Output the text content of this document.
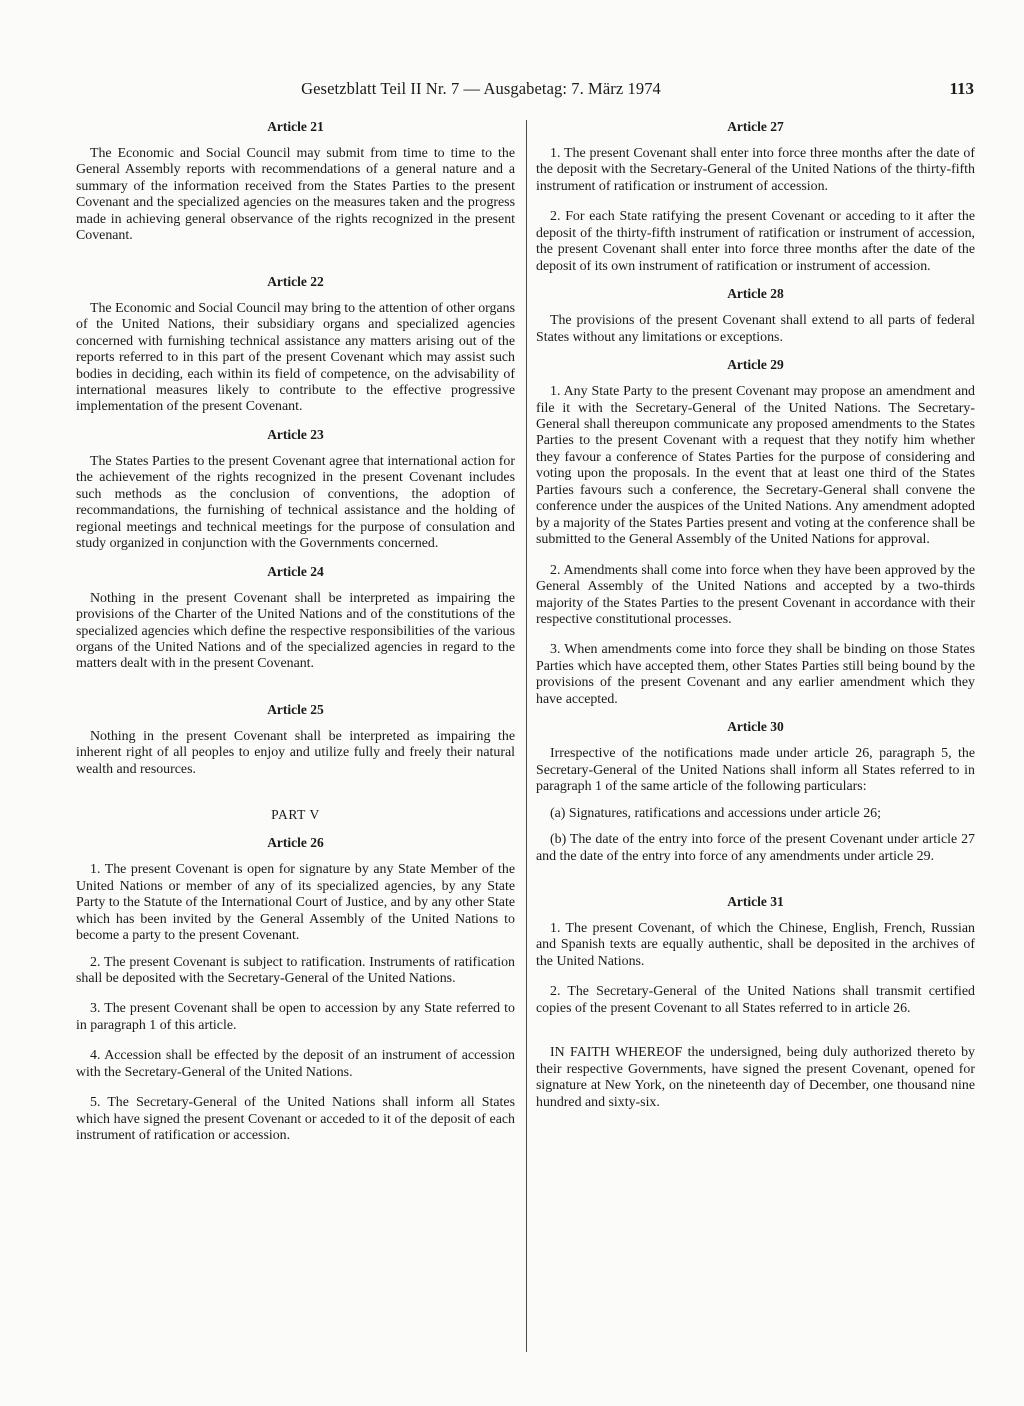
Gesetzblatt Teil II Nr. 7 — Ausgabetag: 7. März 1974	113
Article 21

The Economic and Social Council may submit from time to time to the General Assembly reports with recommendations of a general nature and a summary of the information received from the States Parties to the present Covenant and the specialized agencies on the measures taken and the progress made in achieving general observance of the rights recognized in the present Covenant.

Article 22

The Economic and Social Council may bring to the attention of other organs of the United Nations, their subsidiary organs and specialized agencies concerned with furnishing technical assistance any matters arising out of the reports referred to in this part of the present Covenant which may assist such bodies in deciding, each within its field of competence, on the advisability of international measures likely to contribute to the effective progressive implementation of the present Covenant.

Article 23

The States Parties to the present Covenant agree that international action for the achievement of the rights recognized in the present Covenant includes such methods as the conclusion of conventions, the adoption of recommandations, the furnishing of technical assistance and the holding of regional meetings and technical meetings for the purpose of consulation and study organized in conjunction with the Governments concerned.

Article 24

Nothing in the present Covenant shall be interpreted as impairing the provisions of the Charter of the United Nations and of the constitutions of the specialized agencies which define the respective responsibilities of the various organs of the United Nations and of the specialized agencies in regard to the matters dealt with in the present Covenant.

Article 25

Nothing in the present Covenant shall be interpreted as impairing the inherent right of all peoples to enjoy and utilize fully and freely their natural wealth and resources.

PART V
Article 26

1. The present Covenant is open for signature by any State Member of the United Nations or member of any of its specialized agencies, by any State Party to the Statute of the International Court of Justice, and by any other State which has been invited by the General Assembly of the United Nations to become a party to the present Covenant.

2. The present Covenant is subject to ratification. Instruments of ratification shall be deposited with the Secretary-General of the United Nations.

3. The present Covenant shall be open to accession by any State referred to in paragraph 1 of this article.

4. Accession shall be effected by the deposit of an instrument of accession with the Secretary-General of the United Nations.

5. The Secretary-General of the United Nations shall inform all States which have signed the present Covenant or acceded to it of the deposit of each instrument of ratification or accession.

Article 27

1. The present Covenant shall enter into force three months after the date of the deposit with the Secretary-General of the United Nations of the thirty-fifth instrument of ratification or instrument of accession.

2. For each State ratifying the present Covenant or acceding to it after the deposit of the thirty-fifth instrument of ratification or instrument of accession, the present Covenant shall enter into force three months after the date of the deposit of its own instrument of ratification or instrument of accession.

Article 28

The provisions of the present Covenant shall extend to all parts of federal States without any limitations or exceptions.

Article 29

1. Any State Party to the present Covenant may propose an amendment and file it with the Secretary-General of the United Nations. The Secretary-General shall thereupon communicate any proposed amendments to the States Parties to the present Covenant with a request that they notify him whether they favour a conference of States Parties for the purpose of considering and voting upon the proposals. In the event that at least one third of the States Parties favours such a conference, the Secretary-General shall convene the conference under the auspices of the United Nations. Any amendment adopted by a majority of the States Parties present and voting at the conference shall be submitted to the General Assembly of the United Nations for approval.

2. Amendments shall come into force when they have been approved by the General Assembly of the United Nations and accepted by a two-thirds majority of the States Parties to the present Covenant in accordance with their respective constitutional processes.

3. When amendments come into force they shall be binding on those States Parties which have accepted them, other States Parties still being bound by the provisions of the present Covenant and any earlier amendment which they have accepted.

Article 30

Irrespective of the notifications made under article 26, paragraph 5, the Secretary-General of the United Nations shall inform all States referred to in paragraph 1 of the same article of the following particulars:

(a) Signatures, ratifications and accessions under article 26;

(b) The date of the entry into force of the present Covenant under article 27 and the date of the entry into force of any amendments under article 29.

Article 31

1. The present Covenant, of which the Chinese, English, French, Russian and Spanish texts are equally authentic, shall be deposited in the archives of the United Nations.

2. The Secretary-General of the United Nations shall transmit certified copies of the present Covenant to all States referred to in article 26.

IN FAITH WHEREOF the undersigned, being duly authorized thereto by their respective Governments, have signed the present Covenant, opened for signature at New York, on the nineteenth day of December, one thousand nine hundred and sixty-six.
